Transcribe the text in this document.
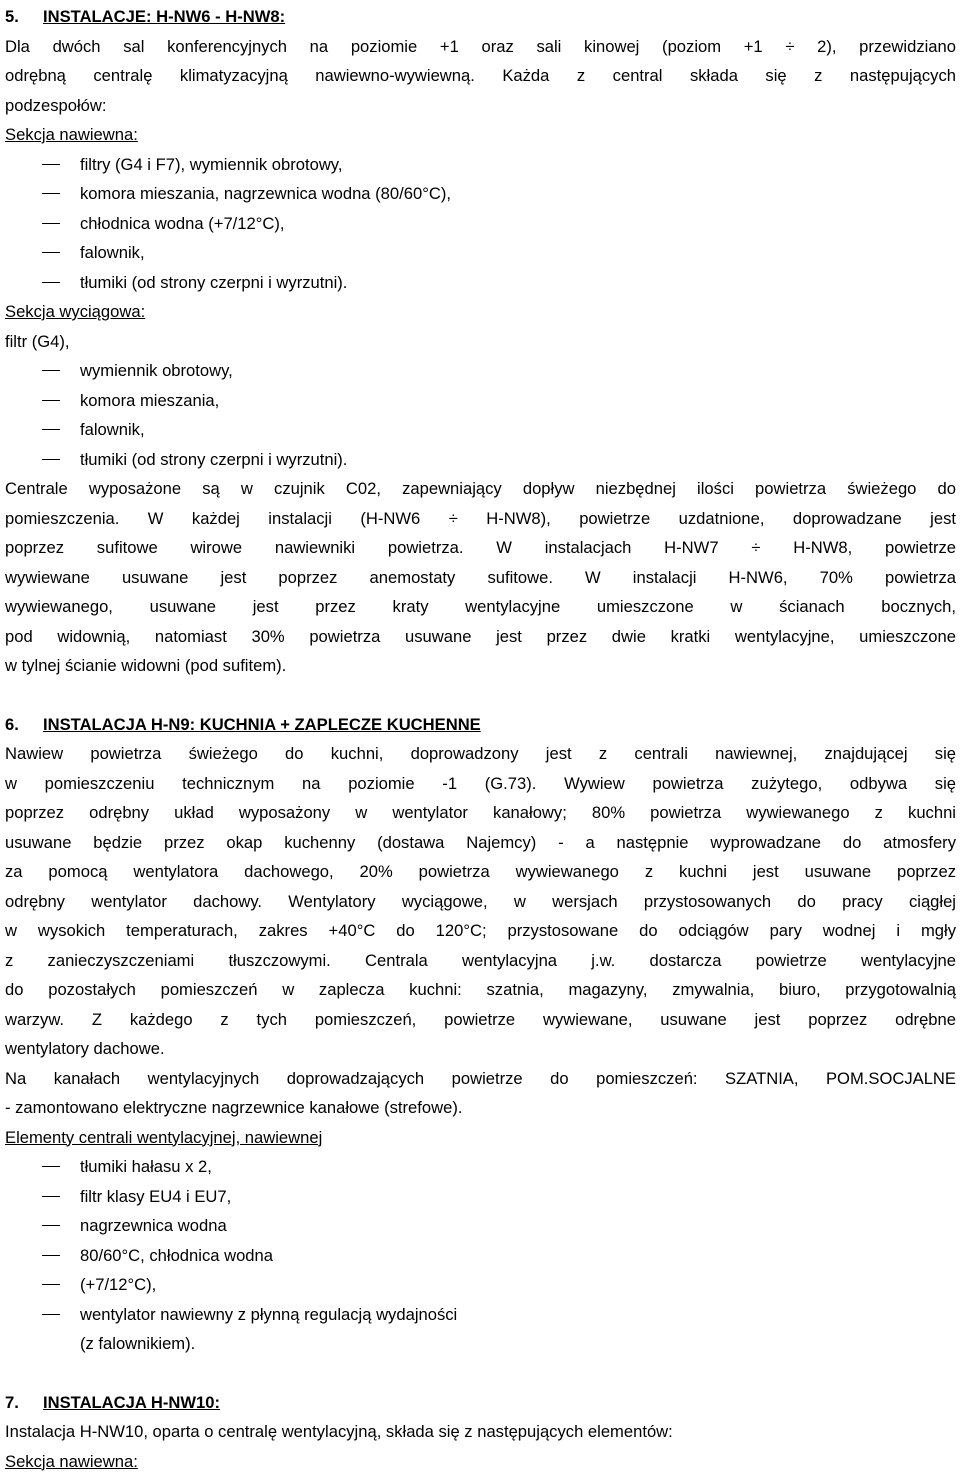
5. INSTALACJE: H-NW6 - H-NW8:
Dla dwóch sal konferencyjnych na poziomie +1 oraz sali kinowej (poziom +1 ÷ 2), przewidziano
odrębną centralę klimatyzacyjną nawiewno-wywiewną. Każda z central składa się z następujących
podzespołów:
Sekcja nawiewna:
filtry (G4 i F7), wymiennik obrotowy,
komora mieszania, nagrzewnica wodna (80/60°C),
chłodnica wodna (+7/12°C),
falownik,
tłumiki (od strony czerpni i wyrzutni).
Sekcja wyciągowa:
filtr (G4),
wymiennik obrotowy,
komora mieszania,
falownik,
tłumiki (od strony czerpni i wyrzutni).
Centrale wyposażone są w czujnik C02, zapewniający dopływ niezbędnej ilości powietrza świeżego do
pomieszczenia. W każdej instalacji (H-NW6 ÷ H-NW8), powietrze uzdatnione, doprowadzane jest
poprzez sufitowe wirowe nawiewniki powietrza. W instalacjach H-NW7 ÷ H-NW8, powietrze
wywiewane usuwane jest poprzez anemostaty sufitowe. W instalacji H-NW6, 70% powietrza
wywiewanego, usuwane jest przez kraty wentylacyjne umieszczone w ścianach bocznych,
pod widownią, natomiast 30% powietrza usuwane jest przez dwie kratki wentylacyjne, umieszczone
w tylnej ścianie widowni (pod sufitem).
6. INSTALACJA H-N9: KUCHNIA + ZAPLECZE KUCHENNE
Nawiew powietrza świeżego do kuchni, doprowadzony jest z centrali nawiewnej, znajdującej się
w pomieszczeniu technicznym na poziomie -1 (G.73). Wywiew powietrza zużytego, odbywa się
poprzez odrębny układ wyposażony w wentylator kanałowy; 80% powietrza wywiewanego z kuchni
usuwane będzie przez okap kuchenny (dostawa Najemcy) - a następnie wyprowadzane do atmosfery
za pomocą wentylatora dachowego, 20% powietrza wywiewanego z kuchni jest usuwane poprzez
odrębny wentylator dachowy. Wentylatory wyciągowe, w wersjach przystosowanych do pracy ciągłej
w wysokich temperaturach, zakres +40°C do 120°C; przystosowane do odciągów pary wodnej i mgły
z zanieczyszczeniami tłuszczowymi. Centrala wentylacyjna j.w. dostarcza powietrze wentylacyjne
do pozostałych pomieszczeń w zaplecza kuchni: szatnia, magazyny, zmywalnia, biuro, przygotowalnią
warzyw. Z każdego z tych pomieszczeń, powietrze wywiewane, usuwane jest poprzez odrębne
wentylatory dachowe.
Na kanałach wentylacyjnych doprowadzających powietrze do pomieszczeń: SZATNIA, POM.SOCJALNE
- zamontowano elektryczne nagrzewnice kanałowe (strefowe).
Elementy centrali wentylacyjnej, nawiewnej
tłumiki hałasu x 2,
filtr klasy EU4 i EU7,
nagrzewnica wodna
80/60°C, chłodnica wodna
(+7/12°C),
wentylator nawiewny z płynną regulacją wydajności
(z falownikiem).
7. INSTALACJA H-NW10:
Instalacja H-NW10, oparta o centralę wentylacyjną, składa się z następujących elementów:
Sekcja nawiewna:
